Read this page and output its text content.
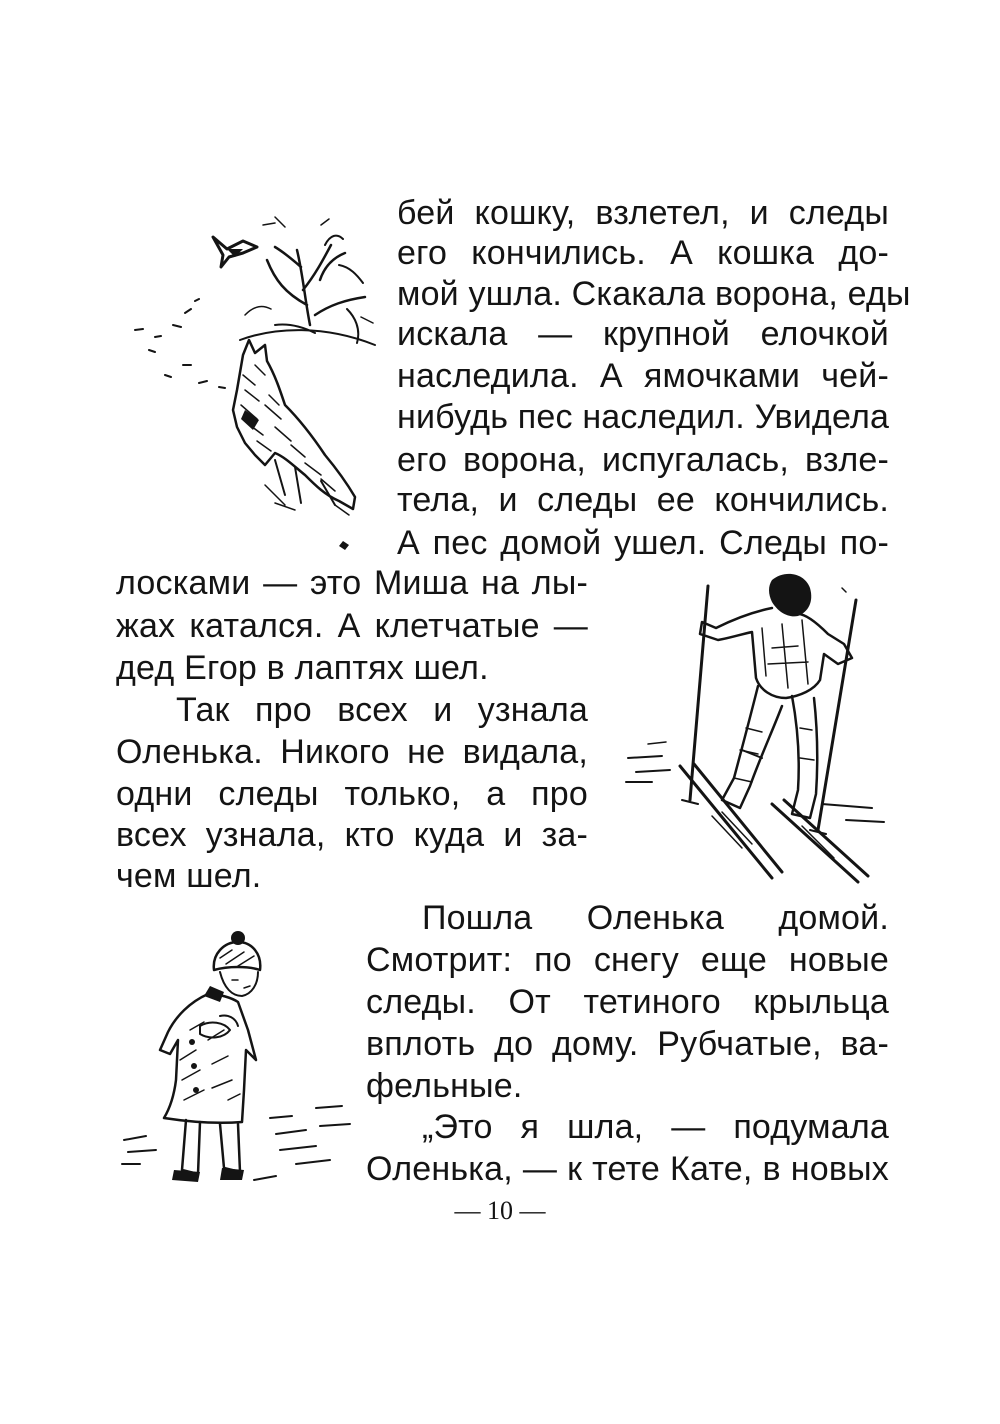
бей кошку, взлетел, и следы
его кончились. А кошка до-
мой ушла. Скакала ворона, еды
искала — крупной елочкой
наследила. А ямочками чей-
нибудь пес наследил. Увидела
его ворона, испугалась, взле-
тела, и следы ее кончились.
А пес домой ушел. Следы по-
лосками — это Миша на лы-
жах катался. А клетчатые —
дед Егор в лаптях шел.
Так про всех и узнала
Оленька. Никого не видала,
одни следы только, а про
всех узнала, кто куда и за-
чем шел.
Пошла Оленька домой.
Смотрит: по снегу еще новые
следы. От тетиного крыльца
вплоть до дому. Рубчатые, ва-
фельные.
„Это я шла, — подумала
Оленька, — к тете Кате, в новых
— 10 —
